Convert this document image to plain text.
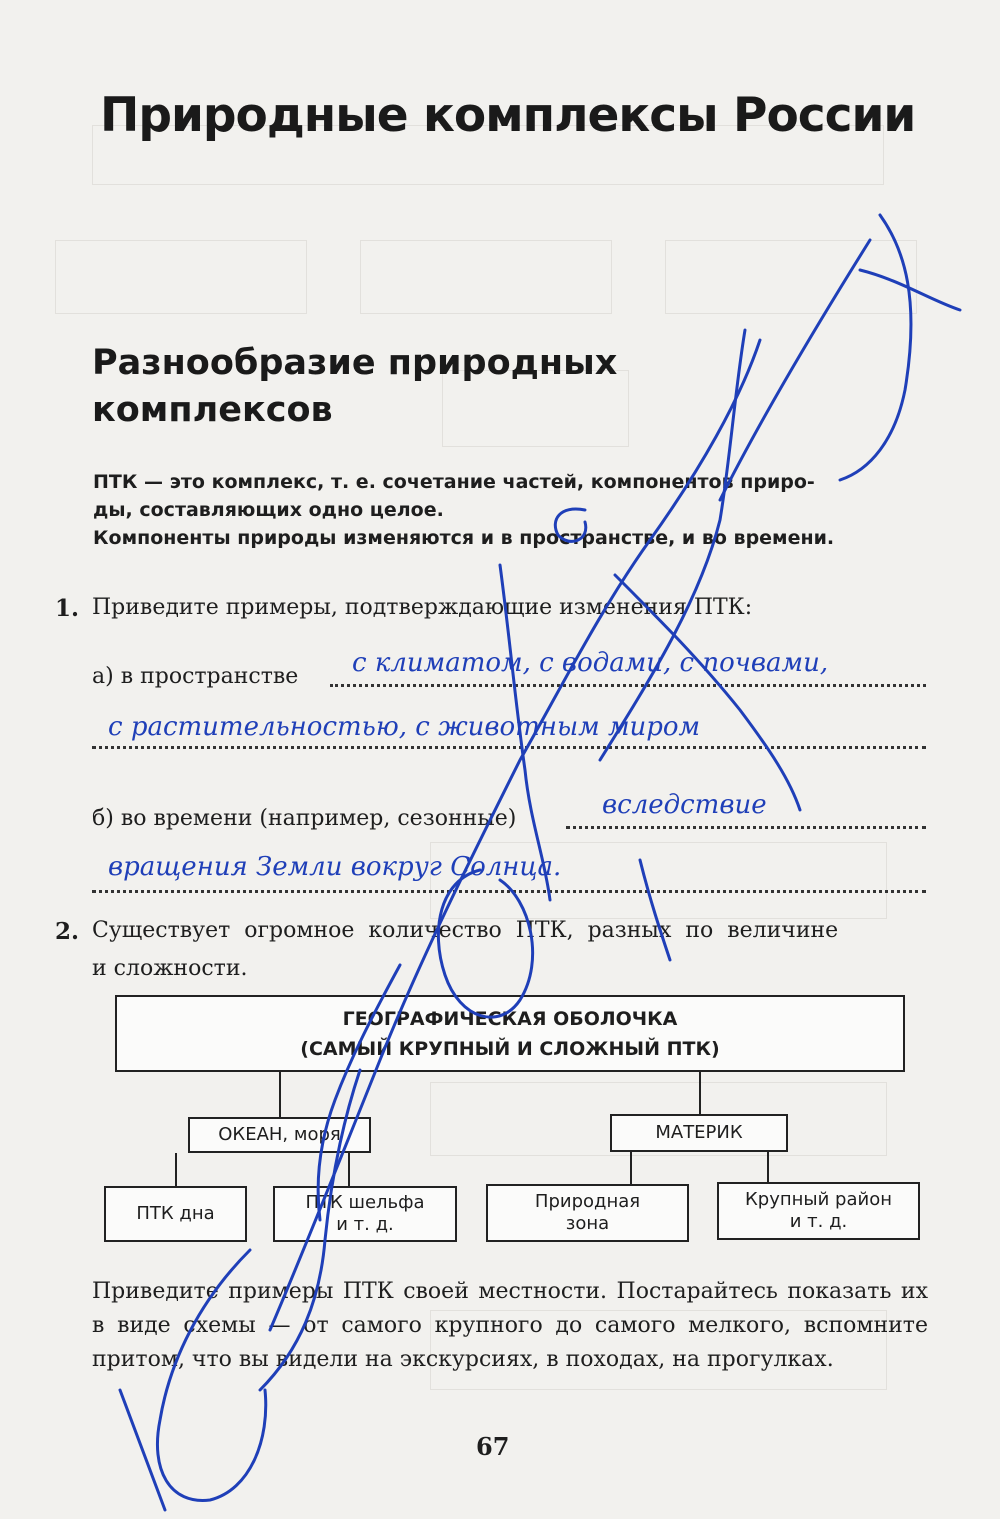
Природные комплексы России
Разнообразие природных
комплексов
ПТК — это комплекс, т. е. сочетание частей, компонентов приро-
ды, составляющих одно целое.
Компоненты природы изменяются и в пространстве, и во времени.
1. Приведите примеры, подтверждающие изменения ПТК:
а) в пространстве с климатом, с водами, с почвами,
с растительностью, с животным миром
б) во времени (например, сезонные)	вследствие
вращения Земли вокруг Солнца.
2. Существует огромное количество ПТК, разных по величине
и сложности.
ГЕОГРАФИЧЕСКАЯ ОБОЛОЧКА
(САМЫЙ КРУПНЫЙ И СЛОЖНЫЙ ПТК)
ОКЕАН, моря	МАТЕРИК
ПТК дна
ПТК шельфа
и т. д.
Природная
зона
Крупный район
и т. д.
Приведите примеры ПТК своей местности. Постарайтесь показать их в виде схемы — от самого крупного до самого мелкого, вспомните притом, что вы видели на экскурсиях, в походах, на прогулках.
67
